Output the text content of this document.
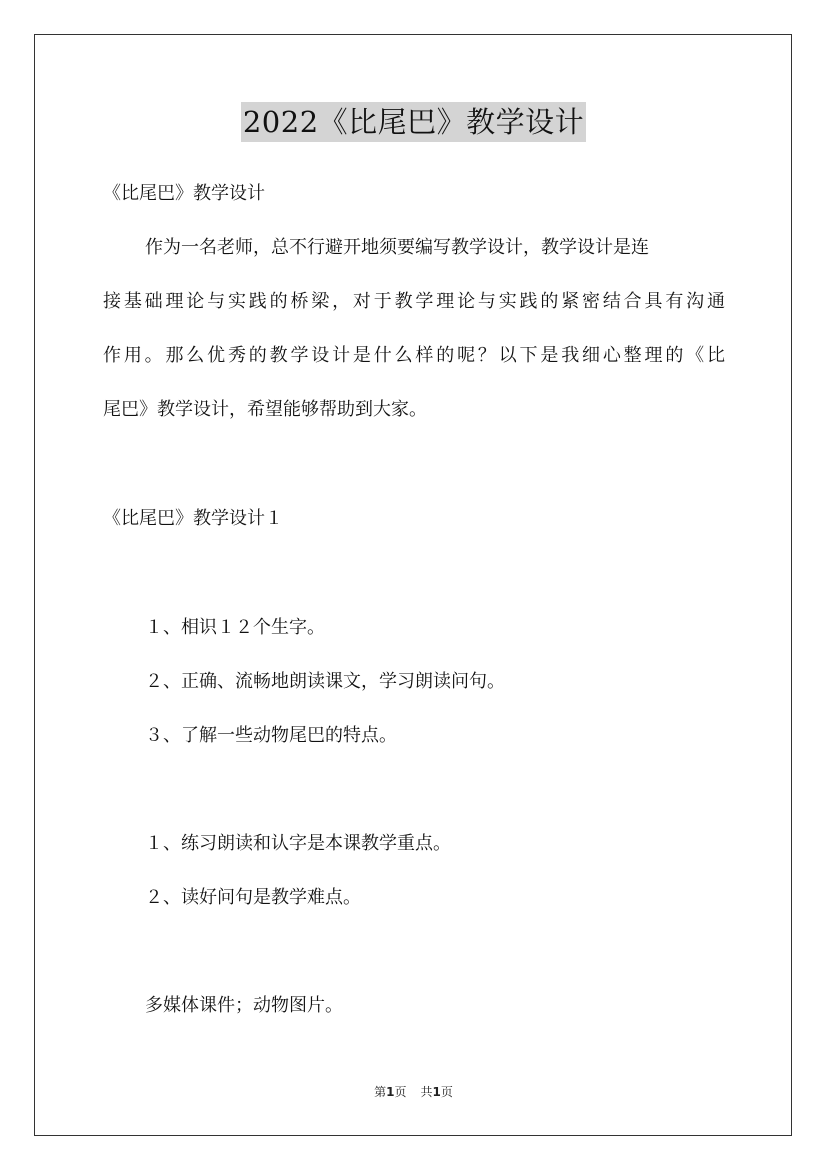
2022《比尾巴》教学设计
《比尾巴》教学设计
作为一名老师，总不行避开地须要编写教学设计，教学设计是连
接基础理论与实践的桥梁，对于教学理论与实践的紧密结合具有沟通
作用。那么优秀的教学设计是什么样的呢？以下是我细心整理的《比
尾巴》教学设计，希望能够帮助到大家。
《比尾巴》教学设计１
１、相识１２个生字。
２、正确、流畅地朗读课文，学习朗读问句。
３、了解一些动物尾巴的特点。
１、练习朗读和认字是本课教学重点。
２、读好问句是教学难点。
多媒体课件；动物图片。
第1页 共1页
